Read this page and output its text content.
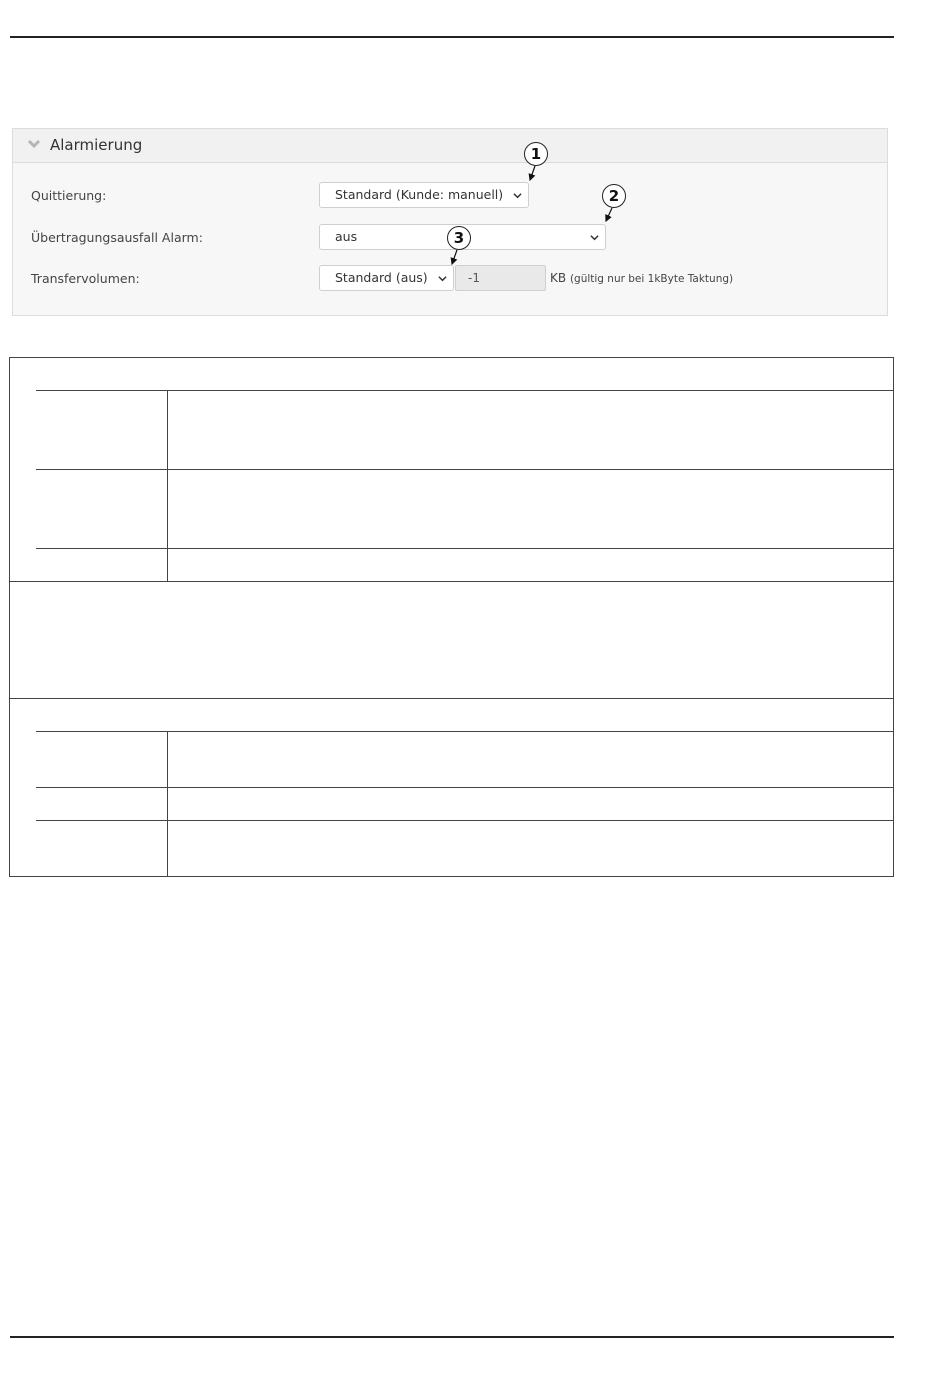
Alarmierung
Quittierung:	Standard (Kunde: manuell)
Übertragungsausfall Alarm:	aus
Transfervolumen:	Standard (aus)	-1	KB (gültig nur bei 1kByte Taktung)
1
2
3
